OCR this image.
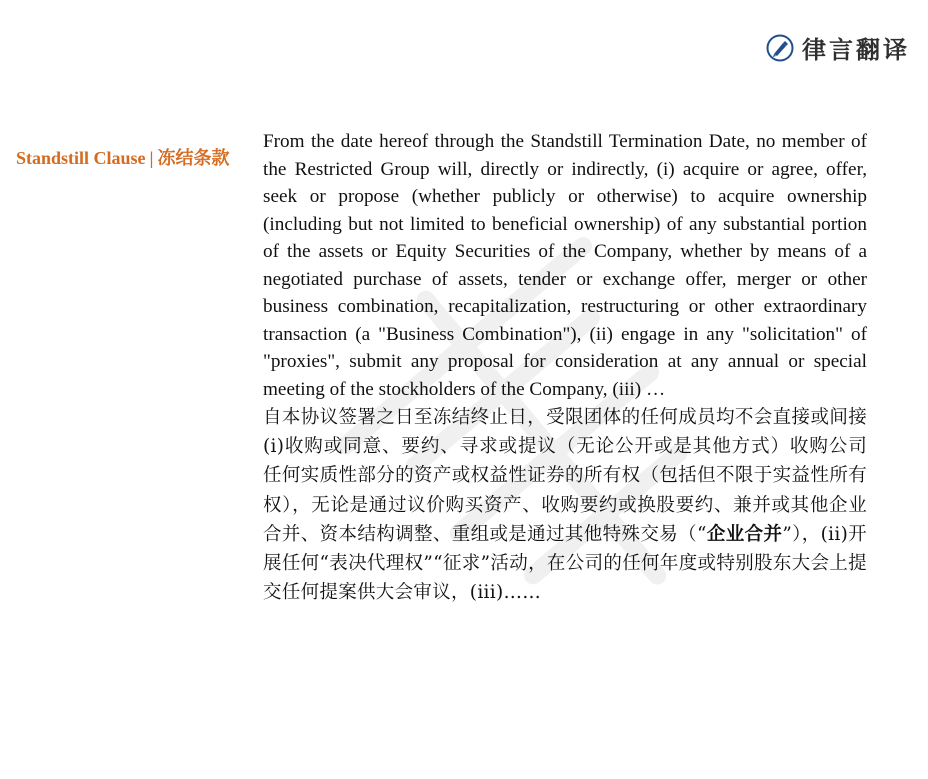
律言翻译
Standstill Clause | 冻结条款

From the date hereof through the Standstill Termination Date, no member of the Restricted Group will, directly or indirectly, (i) acquire or agree, offer, seek or propose (whether publicly or otherwise) to acquire ownership (including but not limited to beneficial ownership) of any substantial portion of the assets or Equity Securities of the Company, whether by means of a negotiated purchase of assets, tender or exchange offer, merger or other business combination, recapitalization, restructuring or other extraordinary transaction (a "Business Combination"), (ii) engage in any "solicitation" of "proxies", submit any proposal for consideration at any annual or special meeting of the stockholders of the Company, (iii) …

自本协议签署之日至冻结终止日，受限团体的任何成员均不会直接或间接(i)收购或同意、要约、寻求或提议（无论公开或是其他方式）收购公司任何实质性部分的资产或权益性证券的所有权（包括但不限于实益性所有权），无论是通过议价购买资产、收购要约或换股要约、兼并或其他企业合并、资本结构调整、重组或是通过其他特殊交易（“企业合并”），(ii)开展任何“表决代理权”“征求”活动，在公司的任何年度或特别股东大会上提交任何提案供大会审议，(iii)……
